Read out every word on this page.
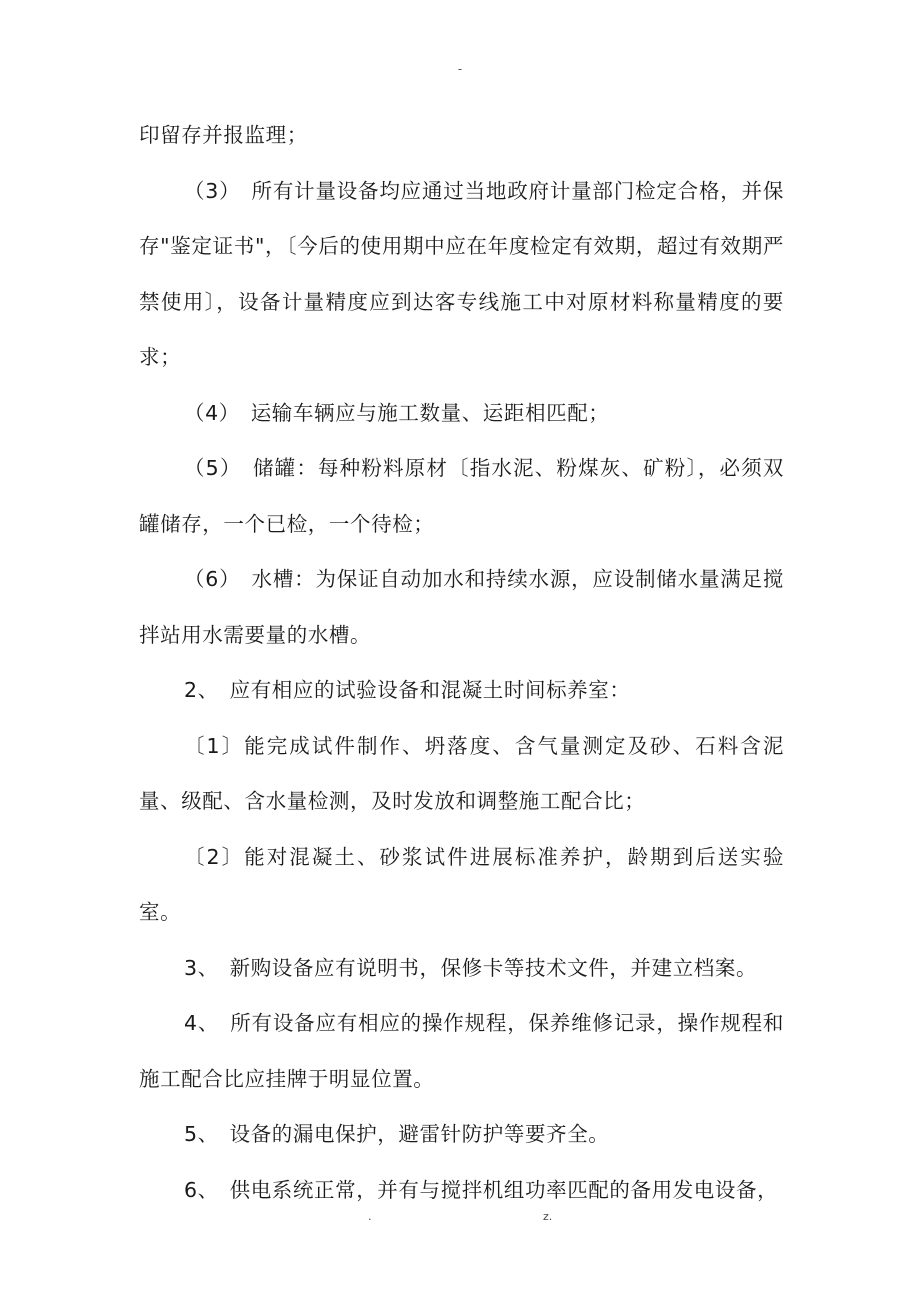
-

印留存并报监理；

（3）　所有计量设备均应通过当地政府计量部门检定合格，并保存"鉴定证书"，〔今后的使用期中应在年度检定有效期，超过有效期严禁使用〕，设备计量精度应到达客专线施工中对原材料称量精度的要求；

（4）　运输车辆应与施工数量、运距相匹配；

（5）　储罐：每种粉料原材〔指水泥、粉煤灰、矿粉〕，必须双罐储存，一个已检，一个待检；

（6）　水槽：为保证自动加水和持续水源，应设制储水量满足搅拌站用水需要量的水槽。

2、　应有相应的试验设备和混凝土时间标养室：

〔1〕能完成试件制作、坍落度、含气量测定及砂、石料含泥量、级配、含水量检测，及时发放和调整施工配合比；

〔2〕能对混凝土、砂浆试件进展标准养护，龄期到后送实验室。

3、　新购设备应有说明书，保修卡等技术文件，并建立档案。

4、　所有设备应有相应的操作规程，保养维修记录，操作规程和施工配合比应挂牌于明显位置。

5、　设备的漏电保护，避雷针防护等要齐全。

6、　供电系统正常，并有与搅拌机组功率匹配的备用发电设备，

.	z.
